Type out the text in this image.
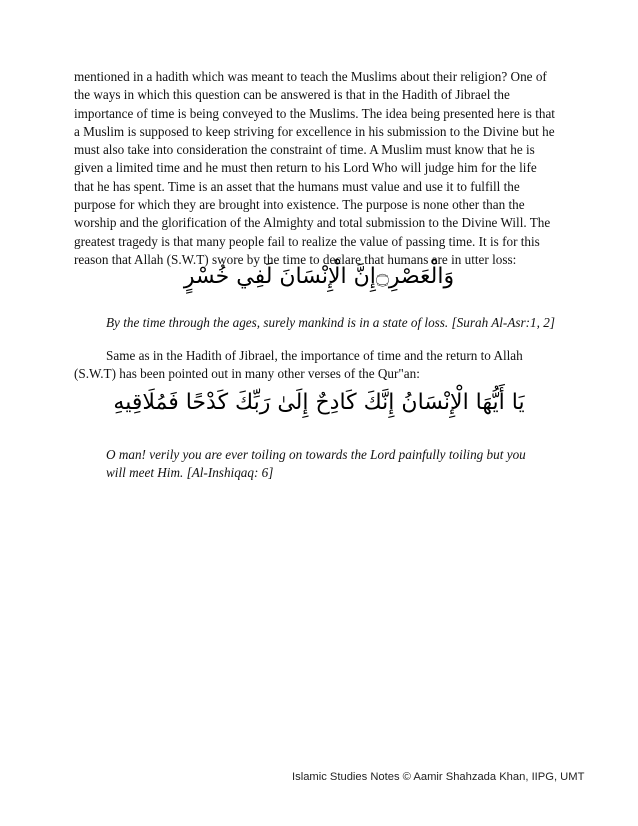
mentioned in a hadith which was meant to teach the Muslims about their religion? One of the ways in which this question can be answered is that in the Hadith of Jibrael the importance of time is being conveyed to the Muslims. The idea being presented here is that a Muslim is supposed to keep striving for excellence in his submission to the Divine but he must also take into consideration the constraint of time. A Muslim must know that he is given a limited time and he must then return to his Lord Who will judge him for the life that he has spent. Time is an asset that the humans must value and use it to fulfill the purpose for which they are brought into existence. The purpose is none other than the worship and the glorification of the Almighty and total submission to the Divine Will. The greatest tragedy is that many people fail to realize the value of passing time. It is for this reason that Allah (S.W.T) swore by the time to declare that humans are in utter loss:

وَالْعَصْرِ۝إِنَّ الْإِنْسَانَ لَفِي خُسْرٍ

By the time through the ages, surely mankind is in a state of loss. [Surah Al-Asr:1, 2]

Same as in the Hadith of Jibrael, the importance of time and the return to Allah (S.W.T) has been pointed out in many other verses of the Qur"an:

يَا أَيُّهَا الْإِنْسَانُ إِنَّكَ كَادِحٌ إِلَىٰ رَبِّكَ كَدْحًا فَمُلَاقِيهِ

O man! verily you are ever toiling on towards the Lord painfully toiling but you will meet Him. [Al-Inshiqaq: 6]

Islamic Studies Notes © Aamir Shahzada Khan, IIPG, UMT
